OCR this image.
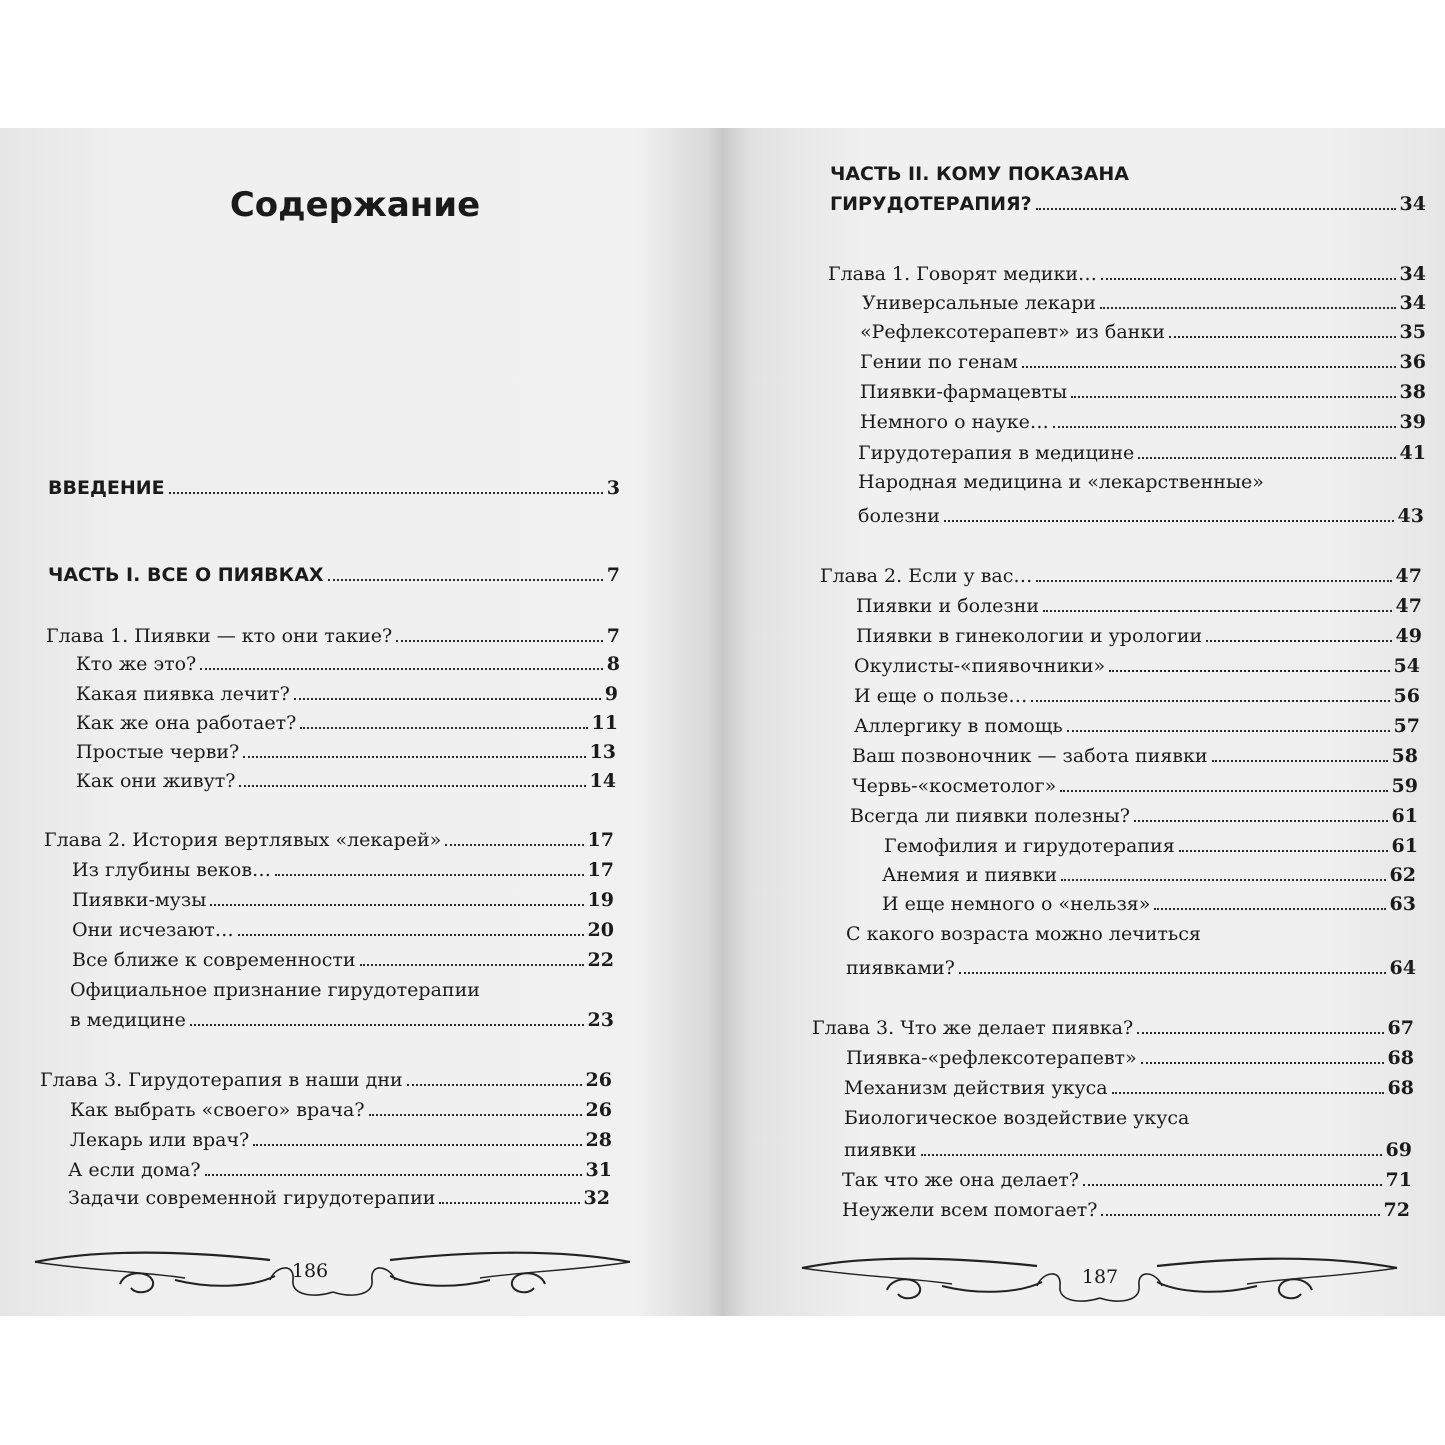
Содержание
ВВЕДЕНИЕ	3
ЧАСТЬ I. ВСЕ О ПИЯВКАХ	7
Глава 1. Пиявки — кто они такие?	7
Кто же это?	8
Какая пиявка лечит?	9
Как же она работает?	11
Простые черви?	13
Как они живут?	14
Глава 2. История вертлявых «лекарей»	17
Из глубины веков…	17
Пиявки-музы	19
Они исчезают…	20
Все ближе к современности	22
Официальное признание гирудотерапии
в медицине	23
Глава 3. Гирудотерапия в наши дни	26
Как выбрать «своего» врача?	26
Лекарь или врач?	28
А если дома?	31
Задачи современной гирудотерапии	32
186
ЧАСТЬ II. КОМУ ПОКАЗАНА
ГИРУДОТЕРАПИЯ?	34
Глава 1. Говорят медики…	34
Универсальные лекари	34
«Рефлексотерапевт» из банки	35
Гении по генам	36
Пиявки-фармацевты	38
Немного о науке…	39
Гирудотерапия в медицине	41
Народная медицина и «лекарственные»
болезни	43
Глава 2. Если у вас…	47
Пиявки и болезни	47
Пиявки в гинекологии и урологии	49
Окулисты-«пиявочники»	54
И еще о пользе…	56
Аллергику в помощь	57
Ваш позвоночник — забота пиявки	58
Червь-«косметолог»	59
Всегда ли пиявки полезны?	61
Гемофилия и гирудотерапия	61
Анемия и пиявки	62
И еще немного о «нельзя»	63
С какого возраста можно лечиться
пиявками?	64
Глава 3. Что же делает пиявка?	67
Пиявка-«рефлексотерапевт»	68
Механизм действия укуса	68
Биологическое воздействие укуса
пиявки	69
Так что же она делает?	71
Неужели всем помогает?	72
187
